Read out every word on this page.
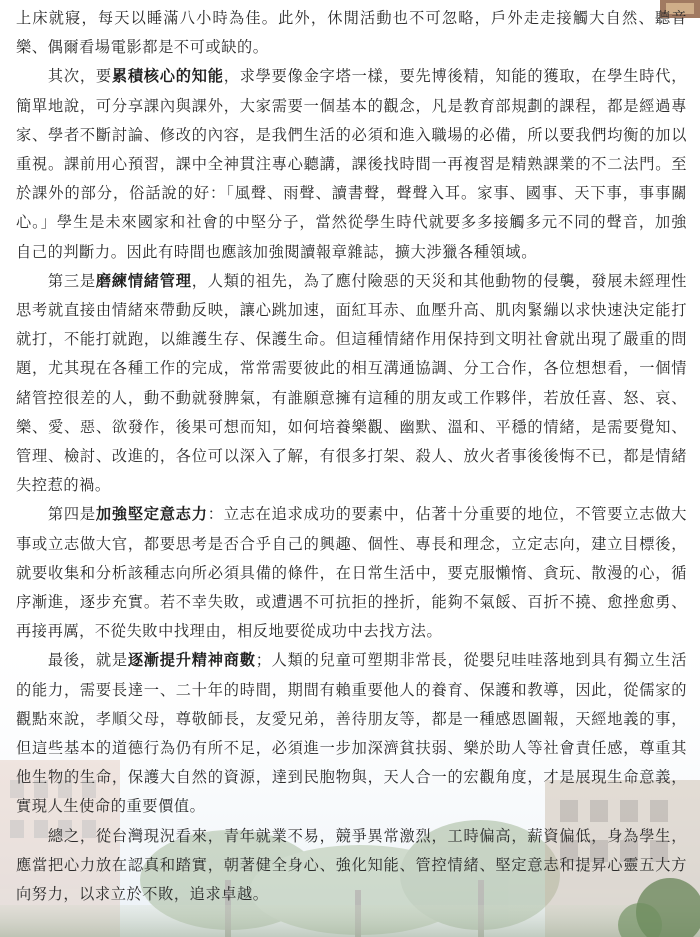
上床就寢，每天以睡滿八小時為佳。此外，休閒活動也不可忽略，戶外走走接觸大自然、聽音樂、偶爾看場電影都是不可或缺的。

其次，要累積核心的知能，求學要像金字塔一樣，要先博後精，知能的獲取，在學生時代，簡單地說，可分享課內與課外，大家需要一個基本的觀念，凡是教育部規劃的課程，都是經過專家、學者不斷討論、修改的內容，是我們生活的必須和進入職場的必備，所以要我們均衡的加以重視。課前用心預習，課中全神貫注專心聽講，課後找時間一再複習是精熟課業的不二法門。至於課外的部分，俗話說的好：「風聲、雨聲、讀書聲，聲聲入耳。家事、國事、天下事，事事關心。」學生是未來國家和社會的中堅分子，當然從學生時代就要多多接觸多元不同的聲音，加強自己的判斷力。因此有時間也應該加強閱讀報章雜誌，擴大涉獵各種領域。

第三是磨練情緒管理，人類的祖先，為了應付險惡的天災和其他動物的侵襲，發展未經理性思考就直接由情緒來帶動反映，讓心跳加速，面紅耳赤、血壓升高、肌肉緊繃以求快速決定能打就打，不能打就跑，以維護生存、保護生命。但這種情緒作用保持到文明社會就出現了嚴重的問題，尤其現在各種工作的完成，常常需要彼此的相互溝通協調、分工合作，各位想想看，一個情緒管控很差的人，動不動就發脾氣，有誰願意擁有這種的朋友或工作夥伴，若放任喜、怒、哀、樂、愛、惡、欲發作，後果可想而知，如何培養樂觀、幽默、溫和、平穩的情緒，是需要覺知、管理、檢討、改進的，各位可以深入了解，有很多打架、殺人、放火者事後後悔不已，都是情緒失控惹的禍。

第四是加強堅定意志力：立志在追求成功的要素中，佔著十分重要的地位，不管要立志做大事或立志做大官，都要思考是否合乎自己的興趣、個性、專長和理念，立定志向，建立目標後，就要收集和分析該種志向所必須具備的條件，在日常生活中，要克服懶惰、貪玩、散漫的心，循序漸進，逐步充實。若不幸失敗，或遭遇不可抗拒的挫折，能夠不氣餒、百折不撓、愈挫愈勇、再接再厲，不從失敗中找理由，相反地要從成功中去找方法。

最後，就是逐漸提升精神商數；人類的兒童可塑期非常長，從嬰兒哇哇落地到具有獨立生活的能力，需要長達一、二十年的時間，期間有賴重要他人的養育、保護和教導，因此，從儒家的觀點來說，孝順父母，尊敬師長，友愛兄弟，善待朋友等，都是一種感恩圖報，天經地義的事，但這些基本的道德行為仍有所不足，必須進一步加深濟貧扶弱、樂於助人等社會責任感，尊重其他生物的生命，保護大自然的資源，達到民胞物與，天人合一的宏觀角度，才是展現生命意義，實現人生使命的重要價值。

總之，從台灣現況看來，青年就業不易，競爭異常激烈，工時偏高，薪資偏低，身為學生，應當把心力放在認真和踏實，朝著健全身心、強化知能、管控情緒、堅定意志和提昇心靈五大方向努力，以求立於不敗，追求卓越。
